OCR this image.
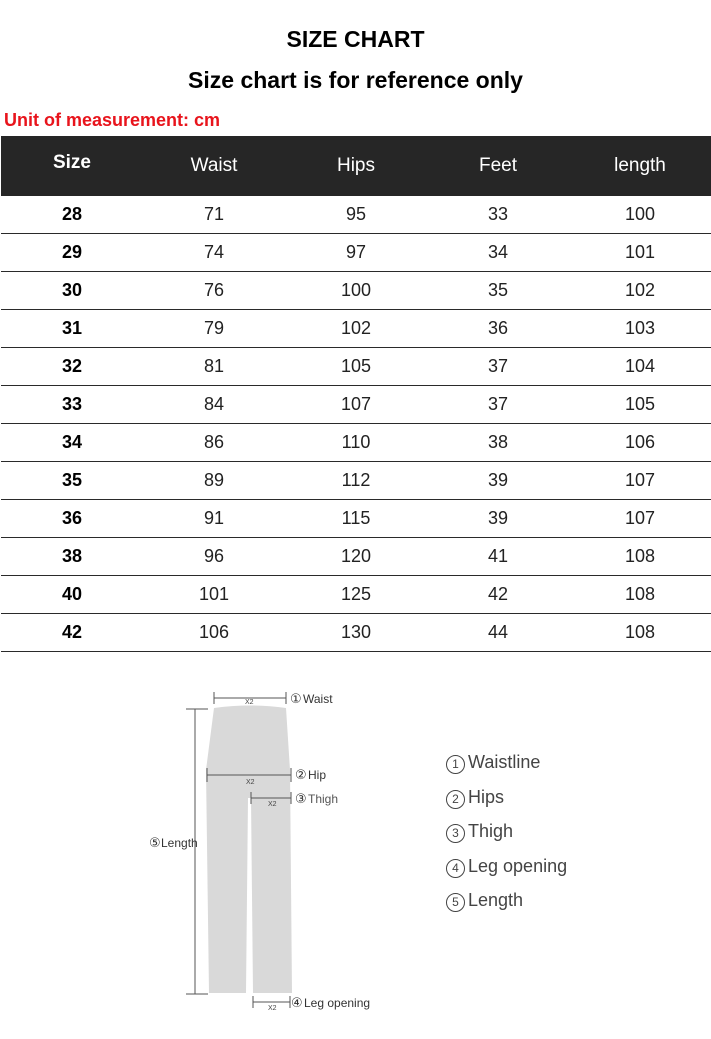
SIZE CHART
Size chart is for reference only
Unit of measurement: cm
Size	Waist	Hips	Feet	length
28	71	95	33	100
29	74	97	34	101
30	76	100	35	102
31	79	102	36	103
32	81	105	37	104
33	84	107	37	105
34	86	110	38	106
35	89	112	39	107
36	91	115	39	107
38	96	120	41	108
40	101	125	42	108
42	106	130	44	108
X2	① Waist
X2	② Hip
X2 ③ Thigh
⑤ Length
X2 ④ Leg opening
1 Waistline
2 Hips
3 Thigh
4 Leg opening
5 Length
